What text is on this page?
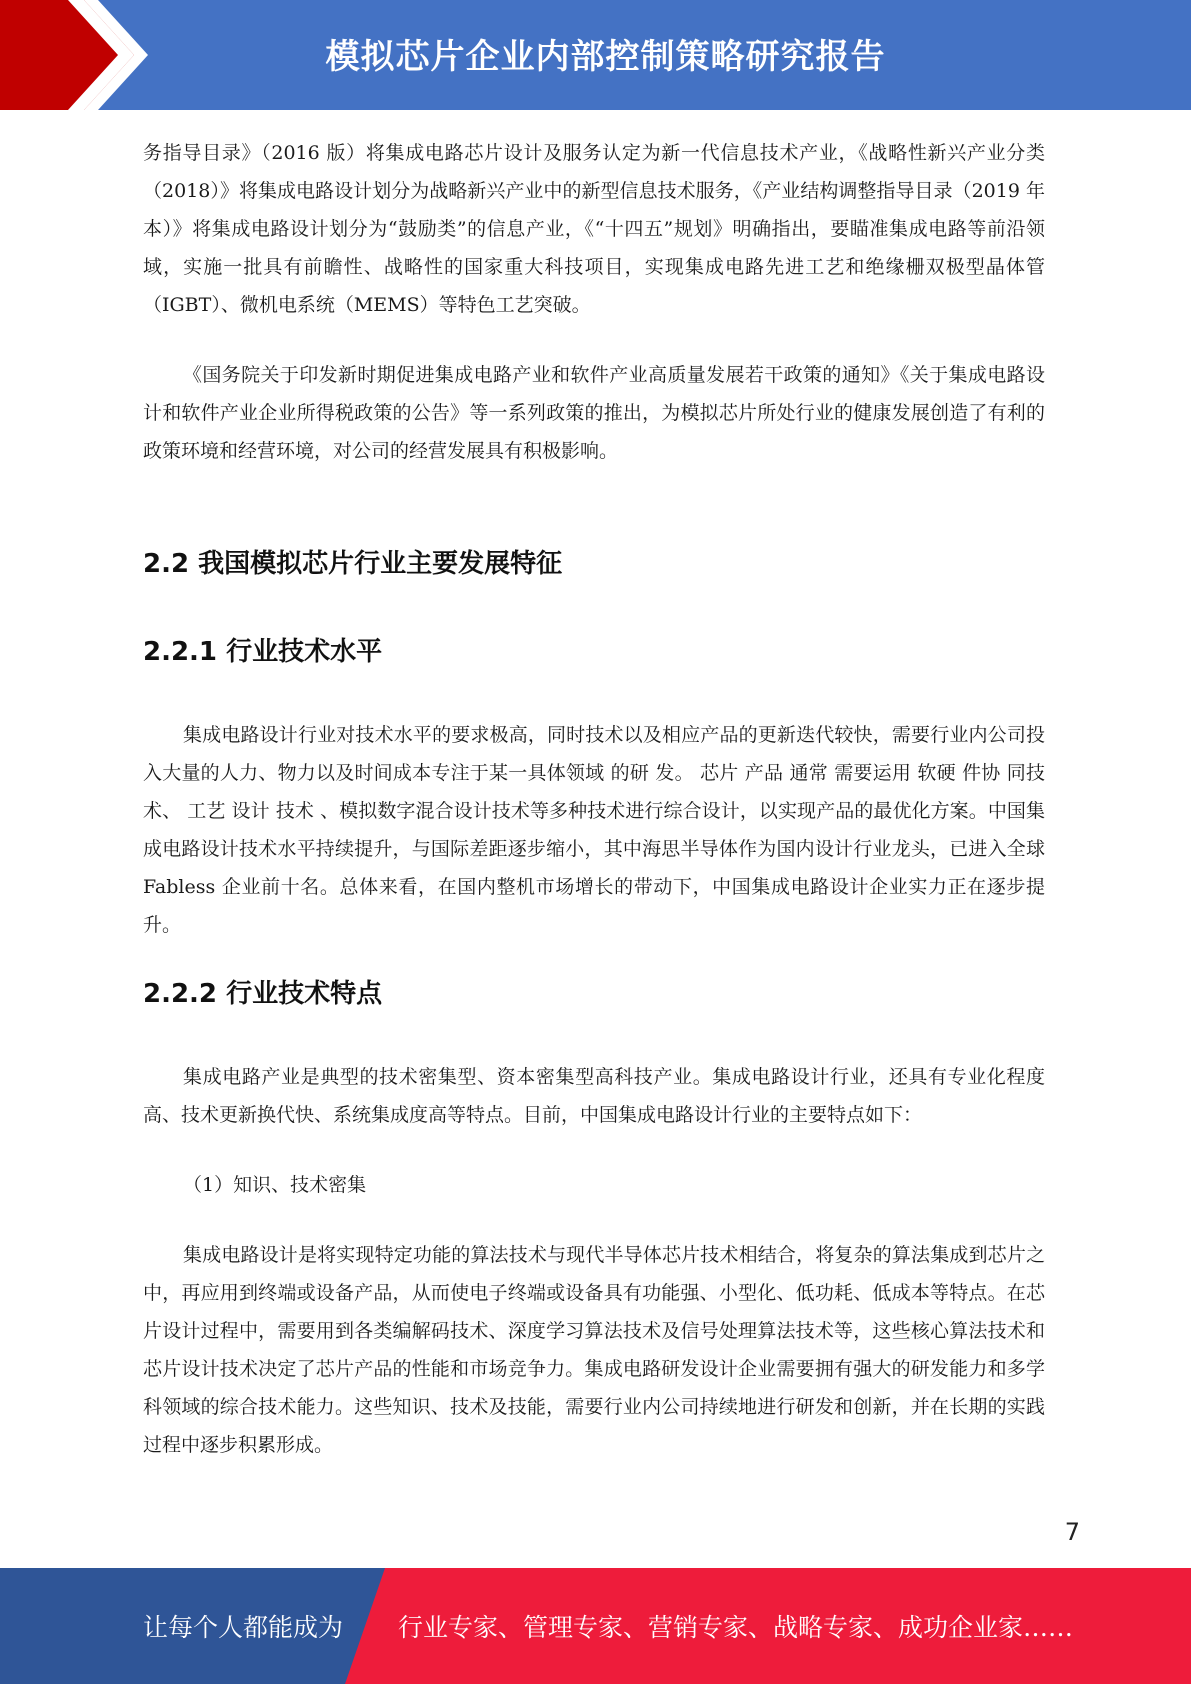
模拟芯片企业内部控制策略研究报告

务指导目录》（2016 版）将集成电路芯片设计及服务认定为新一代信息技术产业，《战略性新兴产业分类（2018）》将集成电路设计划分为战略新兴产业中的新型信息技术服务，《产业结构调整指导目录（2019 年本）》将集成电路设计划分为“鼓励类”的信息产业，《“十四五”规划》明确指出，要瞄准集成电路等前沿领域，实施一批具有前瞻性、战略性的国家重大科技项目，实现集成电路先进工艺和绝缘栅双极型晶体管（IGBT）、微机电系统（MEMS）等特色工艺突破。

《国务院关于印发新时期促进集成电路产业和软件产业高质量发展若干政策的通知》《关于集成电路设计和软件产业企业所得税政策的公告》等一系列政策的推出，为模拟芯片所处行业的健康发展创造了有利的政策环境和经营环境，对公司的经营发展具有积极影响。

2.2 我国模拟芯片行业主要发展特征
2.2.1 行业技术水平

集成电路设计行业对技术水平的要求极高，同时技术以及相应产品的更新迭代较快，需要行业内公司投入大量的人力、物力以及时间成本专注于某一具体领域 的研 发。 芯片 产品 通常 需要运用 软硬 件协 同技 术、 工艺 设计 技术 、模拟数字混合设计技术等多种技术进行综合设计，以实现产品的最优化方案。中国集成电路设计技术水平持续提升，与国际差距逐步缩小，其中海思半导体作为国内设计行业龙头，已进入全球 Fabless 企业前十名。总体来看，在国内整机市场增长的带动下，中国集成电路设计企业实力正在逐步提升。

2.2.2 行业技术特点

集成电路产业是典型的技术密集型、资本密集型高科技产业。集成电路设计行业，还具有专业化程度高、技术更新换代快、系统集成度高等特点。目前，中国集成电路设计行业的主要特点如下：

（1）知识、技术密集

集成电路设计是将实现特定功能的算法技术与现代半导体芯片技术相结合，将复杂的算法集成到芯片之中，再应用到终端或设备产品，从而使电子终端或设备具有功能强、小型化、低功耗、低成本等特点。在芯片设计过程中，需要用到各类编解码技术、深度学习算法技术及信号处理算法技术等，这些核心算法技术和芯片设计技术决定了芯片产品的性能和市场竞争力。集成电路研发设计企业需要拥有强大的研发能力和多学科领域的综合技术能力。这些知识、技术及技能，需要行业内公司持续地进行研发和创新，并在长期的实践过程中逐步积累形成。

7
让每个人都能成为 行业专家、管理专家、营销专家、战略专家、成功企业家……
